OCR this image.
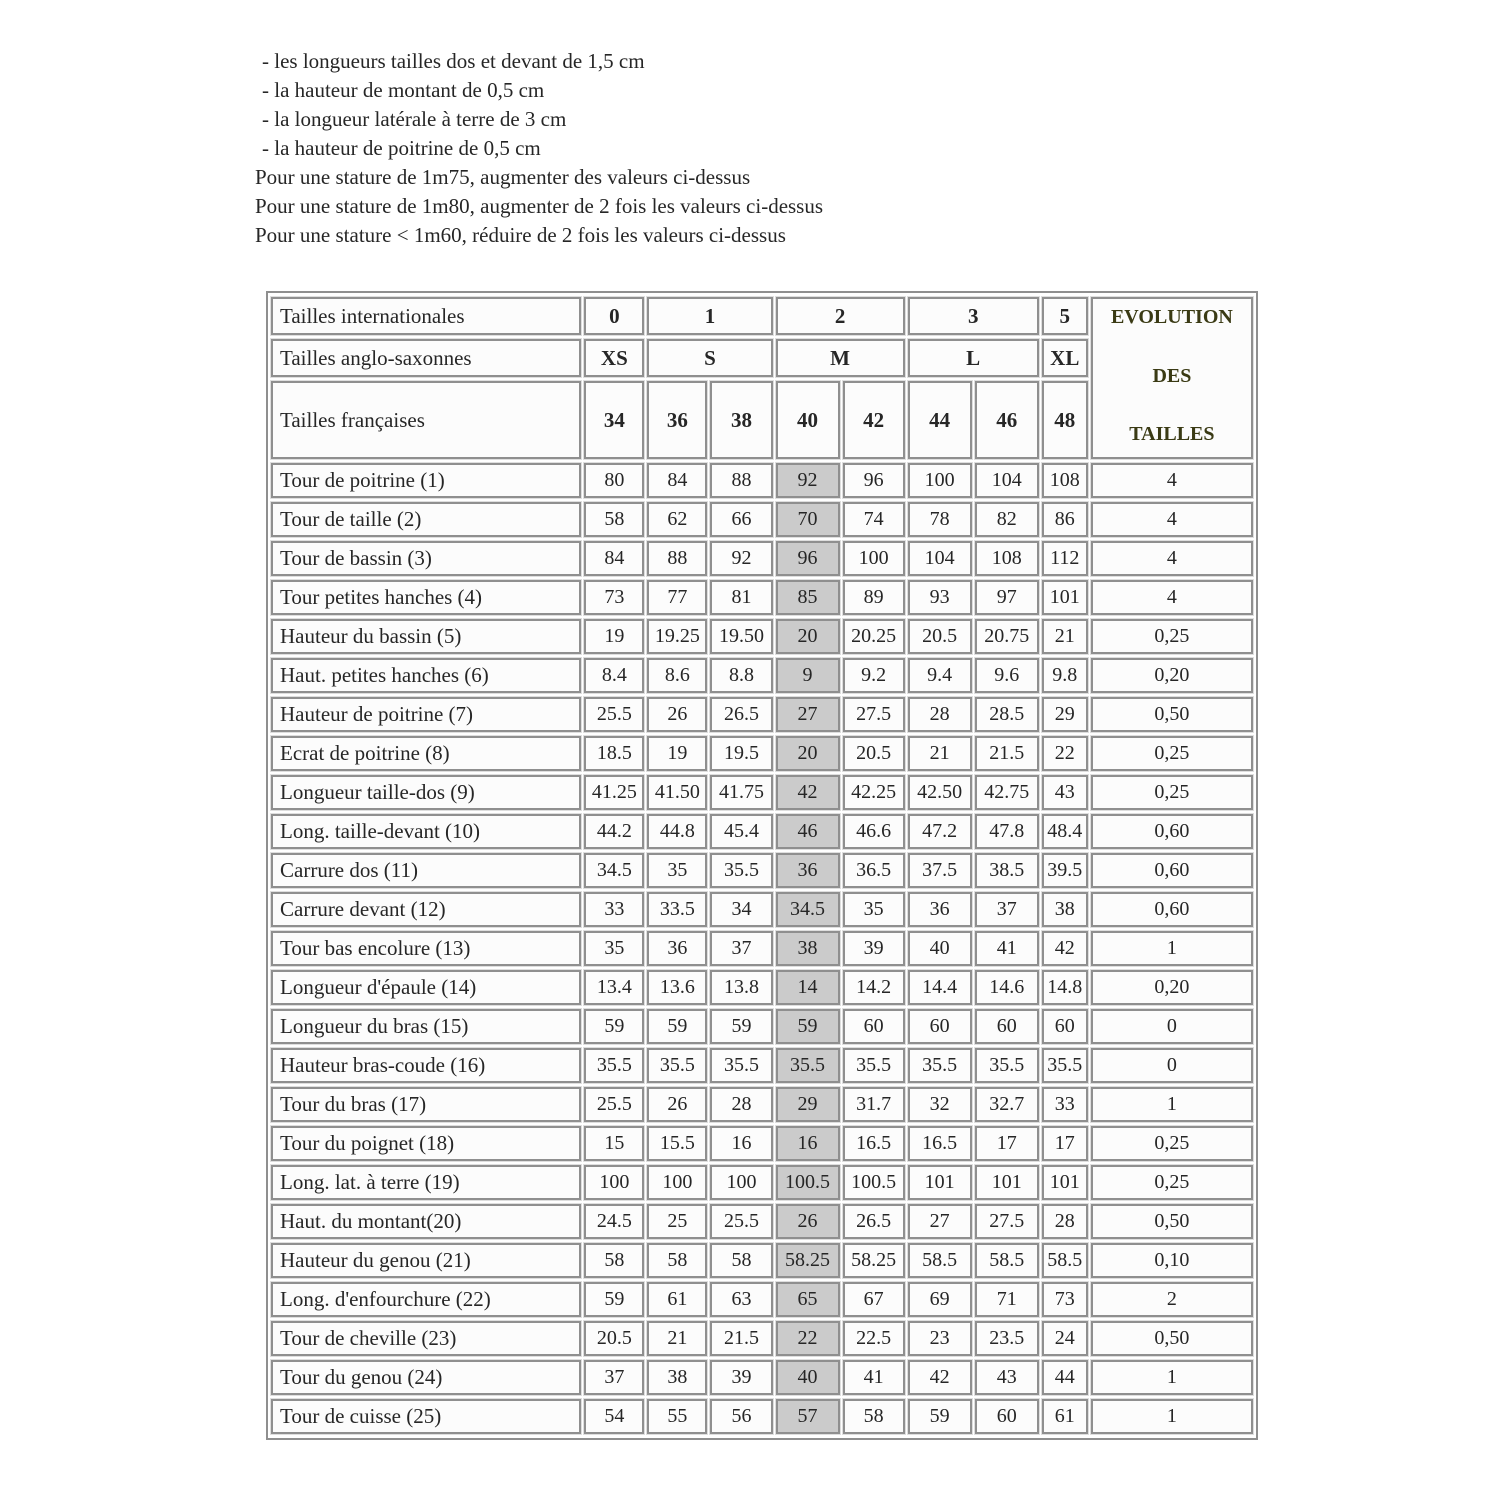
- les longueurs tailles dos et devant de 1,5 cm

- la hauteur de montant de 0,5 cm

- la longueur latérale à terre de 3 cm

- la hauteur de poitrine de 0,5 cm

Pour une stature de 1m75, augmenter des valeurs ci-dessus

Pour une stature de 1m80, augmenter de 2 fois les valeurs ci-dessus

Pour une stature < 1m60, réduire de 2 fois les valeurs ci-dessus

Tailles internationales	0	1		2		3		5	EVOLUTION
DES
TAILLES

Tailles anglo-saxonnes	XS	S		M		L		XL	
Tailles françaises	34	36	38	40	42	44	46	48	
Tour de poitrine (1)	80	84	88	92	96	100	104	108	4
Tour de taille (2)	58	62	66	70	74	78	82	86	4
Tour de bassin (3)	84	88	92	96	100	104	108	112	4
Tour petites hanches (4)	73	77	81	85	89	93	97	101	4
Hauteur du bassin (5)	19	19.25	19.50	20	20.25	20.5	20.75	21	0,25
Haut. petites hanches (6)	8.4	8.6	8.8	9	9.2	9.4	9.6	9.8	0,20
Hauteur de poitrine (7)	25.5	26	26.5	27	27.5	28	28.5	29	0,50
Ecrat de poitrine (8)	18.5	19	19.5	20	20.5	21	21.5	22	0,25
Longueur taille-dos (9)	41.25	41.50	41.75	42	42.25	42.50	42.75	43	0,25
Long. taille-devant (10)	44.2	44.8	45.4	46	46.6	47.2	47.8	48.4	0,60
Carrure dos (11)	34.5	35	35.5	36	36.5	37.5	38.5	39.5	0,60
Carrure devant (12)	33	33.5	34	34.5	35	36	37	38	0,60
Tour bas encolure (13)	35	36	37	38	39	40	41	42	1
Longueur d'épaule (14)	13.4	13.6	13.8	14	14.2	14.4	14.6	14.8	0,20
Longueur du bras (15)	59	59	59	59	60	60	60	60	0
Hauteur bras-coude (16)	35.5	35.5	35.5	35.5	35.5	35.5	35.5	35.5	0
Tour du bras (17)	25.5	26	28	29	31.7	32	32.7	33	1
Tour du poignet (18)	15	15.5	16	16	16.5	16.5	17	17	0,25
Long. lat. à terre (19)	100	100	100	100.5	100.5	101	101	101	0,25
Haut. du montant(20)	24.5	25	25.5	26	26.5	27	27.5	28	0,50
Hauteur du genou (21)	58	58	58	58.25	58.25	58.5	58.5	58.5	0,10
Long. d'enfourchure (22)	59	61	63	65	67	69	71	73	2
Tour de cheville (23)	20.5	21	21.5	22	22.5	23	23.5	24	0,50
Tour du genou (24)	37	38	39	40	41	42	43	44	1
Tour de cuisse (25)	54	55	56	57	58	59	60	61	1
